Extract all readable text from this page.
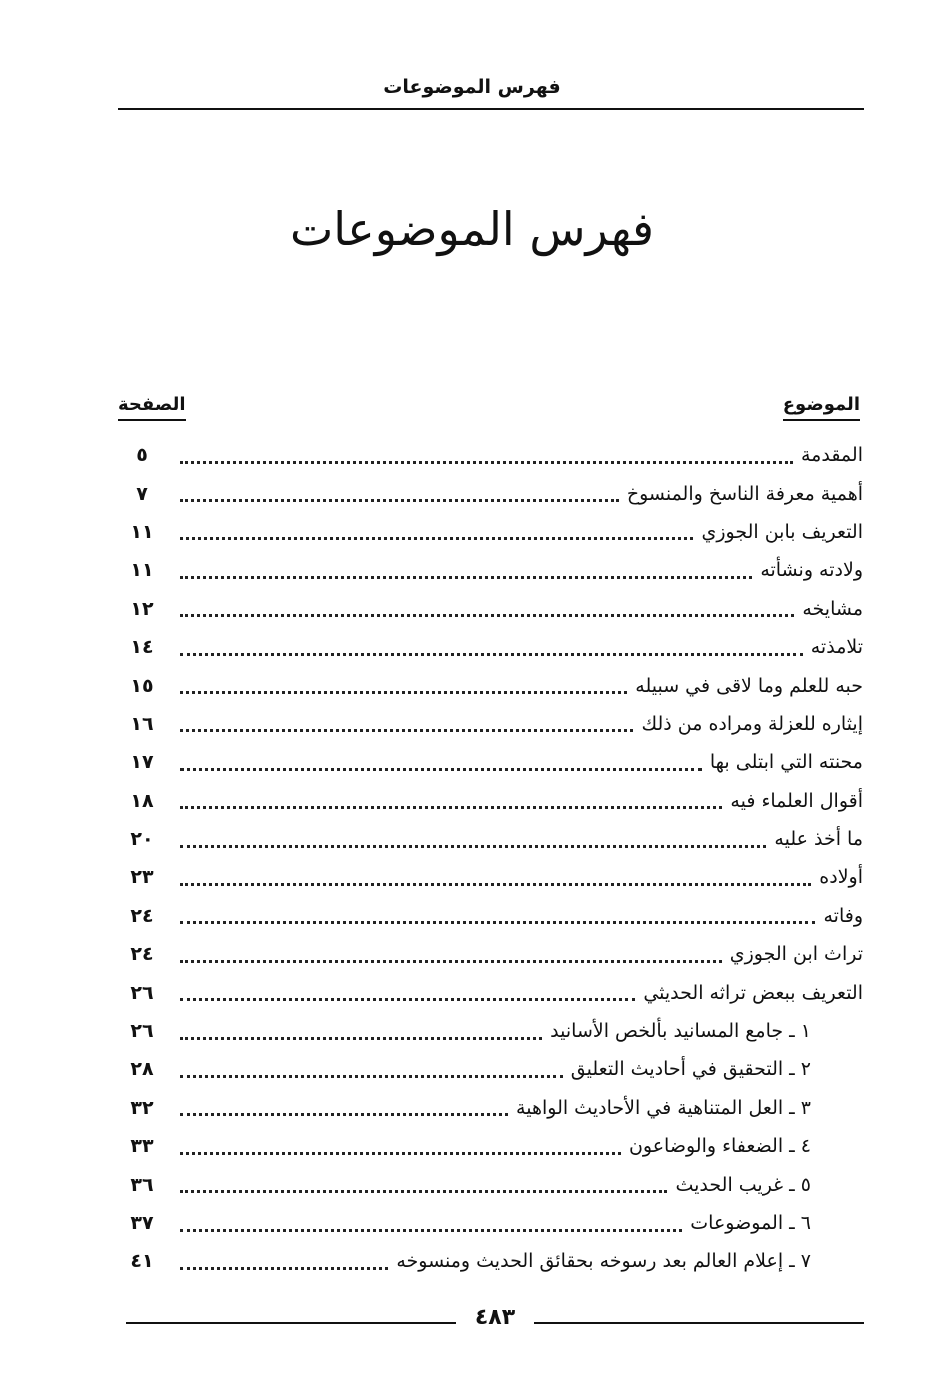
فهرس الموضوعات
فهرس الموضوعات
الموضوع
الصفحة
المقدمة
٥
أهمية معرفة الناسخ والمنسوخ
٧
التعريف بابن الجوزي
١١
ولادته ونشأته
١١
مشايخه
١٢
تلامذته
١٤
حبه للعلم وما لاقى في سبيله
١٥
إيثاره للعزلة ومراده من ذلك
١٦
محنته التي ابتلى بها
١٧
أقوال العلماء فيه
١٨
ما أخذ عليه
٢٠
أولاده
٢٣
وفاته
٢٤
تراث ابن الجوزي
٢٤
التعريف ببعض تراثه الحديثي
٢٦
١ ـ جامع المسانيد بألخص الأسانيد
٢٦
٢ ـ التحقيق في أحاديث التعليق
٢٨
٣ ـ العل المتناهية في الأحاديث الواهية
٣٢
٤ ـ الضعفاء والوضاعون
٣٣
٥ ـ غريب الحديث
٣٦
٦ ـ الموضوعات
٣٧
٧ ـ إعلام العالم بعد رسوخه بحقائق الحديث ومنسوخه
٤١
٤٨٣
